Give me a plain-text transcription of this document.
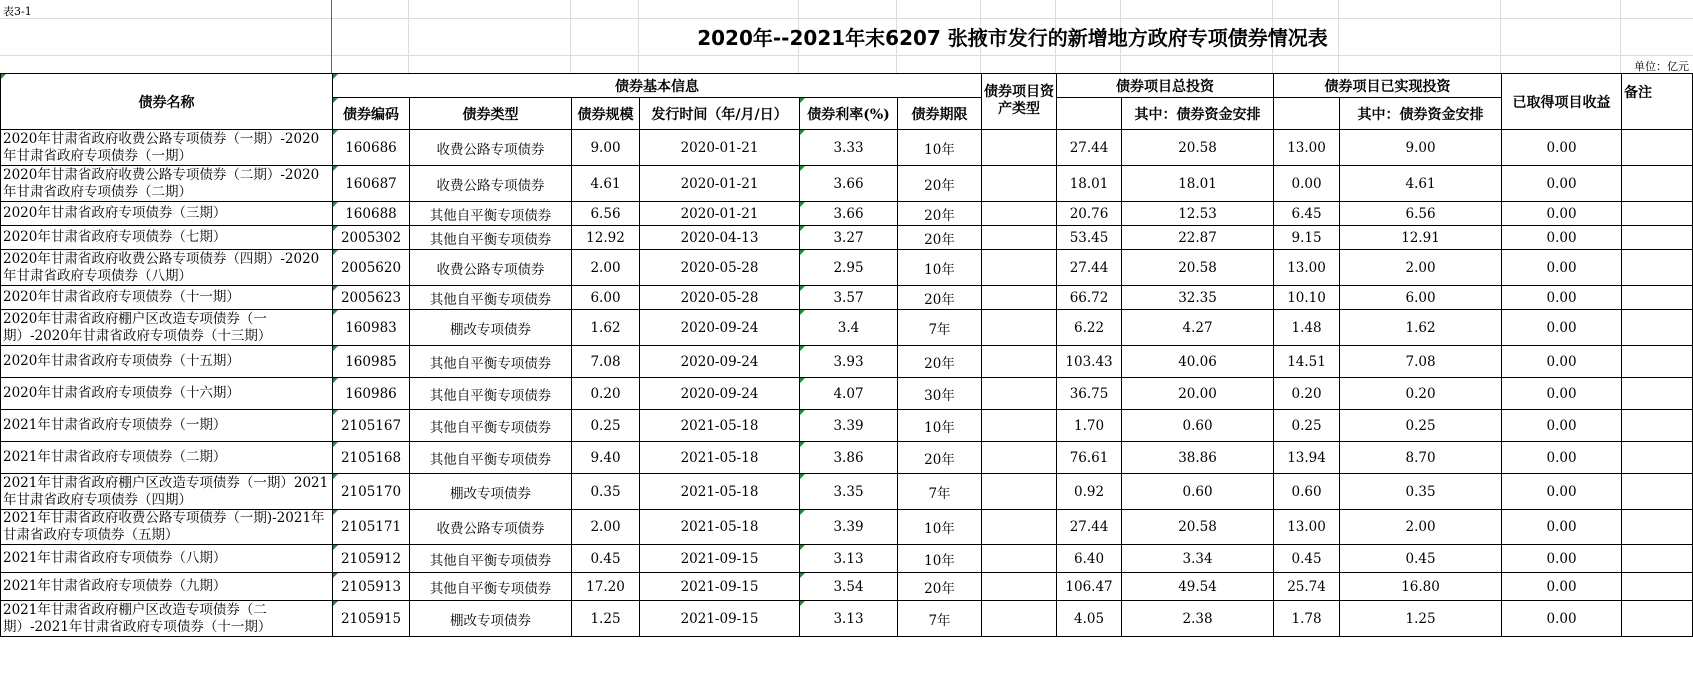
表3-1
2020年--2021年末6207 张掖市发行的新增地方政府专项债券情况表
单位：亿元
债券名称	债券基本信息						债券项目资产类型	债券项目总投资		债券项目已实现投资		已取得项目收益	备注
	债券编码	债券类型	债券规模	发行时间（年/月/日）	债券利率(%)	债券期限			其中：债券资金安排		其中：债券资金安排		
2020年甘肃省政府收费公路专项债券（一期）-2020年甘肃省政府专项债券（一期）	160686	收费公路专项债券	9.00	2020-01-21	3.33	10年		27.44	20.58	13.00	9.00	0.00	
2020年甘肃省政府收费公路专项债券（二期）-2020年甘肃省政府专项债券（二期）	160687	收费公路专项债券	4.61	2020-01-21	3.66	20年		18.01	18.01	0.00	4.61	0.00	
2020年甘肃省政府专项债券（三期）	160688	其他自平衡专项债券	6.56	2020-01-21	3.66	20年		20.76	12.53	6.45	6.56	0.00	
2020年甘肃省政府专项债券（七期）	2005302	其他自平衡专项债券	12.92	2020-04-13	3.27	20年		53.45	22.87	9.15	12.91	0.00	
2020年甘肃省政府收费公路专项债券（四期）-2020年甘肃省政府专项债券（八期）	2005620	收费公路专项债券	2.00	2020-05-28	2.95	10年		27.44	20.58	13.00	2.00	0.00	
2020年甘肃省政府专项债券（十一期）	2005623	其他自平衡专项债券	6.00	2020-05-28	3.57	20年		66.72	32.35	10.10	6.00	0.00	
2020年甘肃省政府棚户区改造专项债券（一期）-2020年甘肃省政府专项债券（十三期）	160983	棚改专项债券	1.62	2020-09-24	3.4	7年		6.22	4.27	1.48	1.62	0.00	
2020年甘肃省政府专项债券（十五期）	160985	其他自平衡专项债券	7.08	2020-09-24	3.93	20年		103.43	40.06	14.51	7.08	0.00	
2020年甘肃省政府专项债券（十六期）	160986	其他自平衡专项债券	0.20	2020-09-24	4.07	30年		36.75	20.00	0.20	0.20	0.00	
2021年甘肃省政府专项债券（一期）	2105167	其他自平衡专项债券	0.25	2021-05-18	3.39	10年		1.70	0.60	0.25	0.25	0.00	
2021年甘肃省政府专项债券（二期）	2105168	其他自平衡专项债券	9.40	2021-05-18	3.86	20年		76.61	38.86	13.94	8.70	0.00	
2021年甘肃省政府棚户区改造专项债券（一期）2021年甘肃省政府专项债券（四期）	2105170	棚改专项债券	0.35	2021-05-18	3.35	7年		0.92	0.60	0.60	0.35	0.00	
2021年甘肃省政府收费公路专项债券（一期)-2021年甘肃省政府专项债券（五期）	2105171	收费公路专项债券	2.00	2021-05-18	3.39	10年		27.44	20.58	13.00	2.00	0.00	
2021年甘肃省政府专项债券（八期）	2105912	其他自平衡专项债券	0.45	2021-09-15	3.13	10年		6.40	3.34	0.45	0.45	0.00	
2021年甘肃省政府专项债券（九期）	2105913	其他自平衡专项债券	17.20	2021-09-15	3.54	20年		106.47	49.54	25.74	16.80	0.00	
2021年甘肃省政府棚户区改造专项债券（二期）-2021年甘肃省政府专项债券（十一期）	2105915	棚改专项债券	1.25	2021-09-15	3.13	7年		4.05	2.38	1.78	1.25	0.00	
